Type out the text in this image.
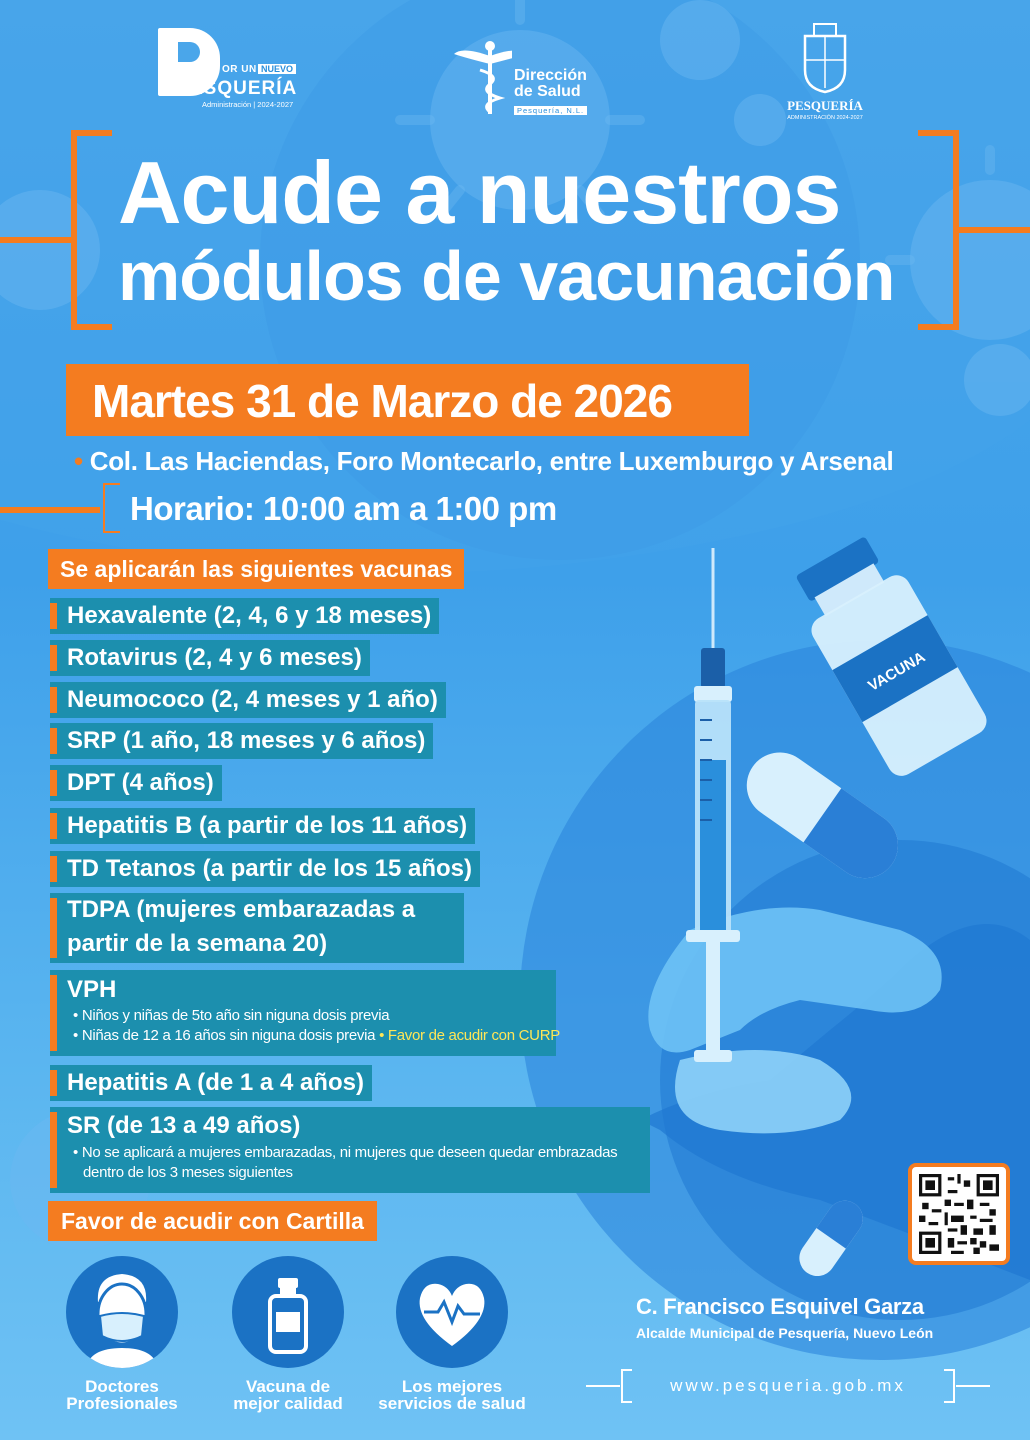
VACUNA
OR UN NUEVO
ESQUERÍA
Administración | 2024-2027
Dirección
de Salud
Pesquería, N.L.	PESQUERÍA
ADMINISTRACIÓN 2024-2027
Acude a nuestros
módulos de vacunación
Martes 31 de Marzo de 2026
• Col. Las Haciendas, Foro Montecarlo, entre Luxemburgo y Arsenal
Horario: 10:00 am a 1:00 pm
Se aplicarán las siguientes vacunas
Hexavalente (2, 4, 6 y 18 meses)
Rotavirus (2, 4 y 6 meses)
Neumococo (2, 4 meses y 1 año)
SRP (1 año, 18 meses y 6 años)
DPT (4 años)
Hepatitis B (a partir de los 11 años)
TD Tetanos (a partir de los 15 años)
TDPA (mujeres embarazadas a
partir de la semana 20)
VPH
• Niños y niñas de 5to año sin niguna dosis previa
• Niñas de 12 a 16 años sin niguna dosis previa • Favor de acudir con CURP
Hepatitis A (de 1 a 4 años)
SR (de 13 a 49 años)
• No se aplicará a mujeres embarazadas, ni mujeres que deseen quedar embrazadas
dentro de los 3 meses siguientes
Favor de acudir con Cartilla
Doctores
Profesionales
Vacuna de
mejor calidad
Los mejores
servicios de salud
C. Francisco Esquivel Garza
Alcalde Municipal de Pesquería, Nuevo León
www.pesqueria.gob.mx
